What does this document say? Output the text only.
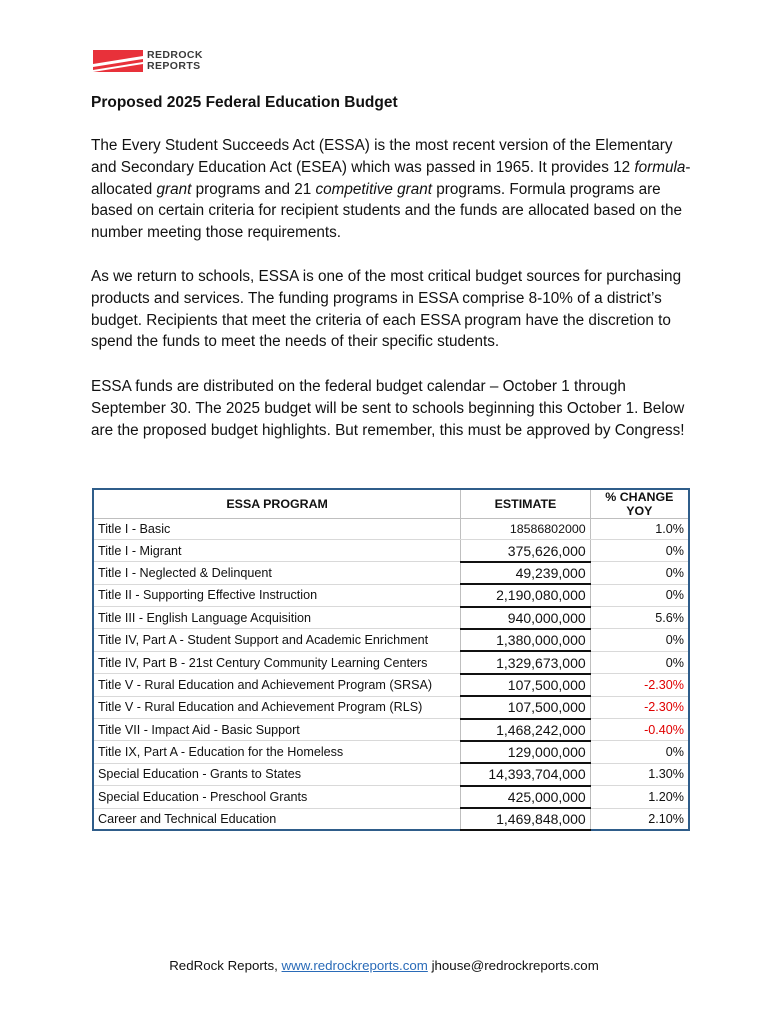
REDROCK
REPORTS
Proposed 2025 Federal Education Budget
The Every Student Succeeds Act (ESSA) is the most recent version of the Elementary and Secondary Education Act (ESEA) which was passed in 1965. It provides 12 formula-allocated grant programs and 21 competitive grant programs. Formula programs are based on certain criteria for recipient students and the funds are allocated based on the number meeting those requirements.
As we return to schools, ESSA is one of the most critical budget sources for purchasing products and services. The funding programs in ESSA comprise 8-10% of a district’s budget. Recipients that meet the criteria of each ESSA program have the discretion to spend the funds to meet the needs of their specific students.
ESSA funds are distributed on the federal budget calendar – October 1 through September 30. The 2025 budget will be sent to schools beginning this October 1. Below are the proposed budget highlights. But remember, this must be approved by Congress!
ESSA PROGRAM	ESTIMATE	% CHANGE YOY
Title I - Basic	18586802000	1.0%
Title I - Migrant	375,626,000	0%
Title I - Neglected & Delinquent	49,239,000	0%
Title II - Supporting Effective Instruction	2,190,080,000	0%
Title III - English Language Acquisition	940,000,000	5.6%
Title IV, Part A - Student Support and Academic Enrichment	1,380,000,000	0%
Title IV, Part B - 21st Century Community Learning Centers	1,329,673,000	0%
Title V - Rural Education and Achievement Program (SRSA)	107,500,000	-2.30%
Title V - Rural Education and Achievement Program (RLS)	107,500,000	-2.30%
Title VII - Impact Aid - Basic Support	1,468,242,000	-0.40%
Title IX, Part A - Education for the Homeless	129,000,000	0%
Special Education - Grants to States	14,393,704,000	1.30%
Special Education - Preschool Grants	425,000,000	1.20%
Career and Technical Education	1,469,848,000	2.10%
RedRock Reports, www.redrockreports.com jhouse@redrockreports.com
